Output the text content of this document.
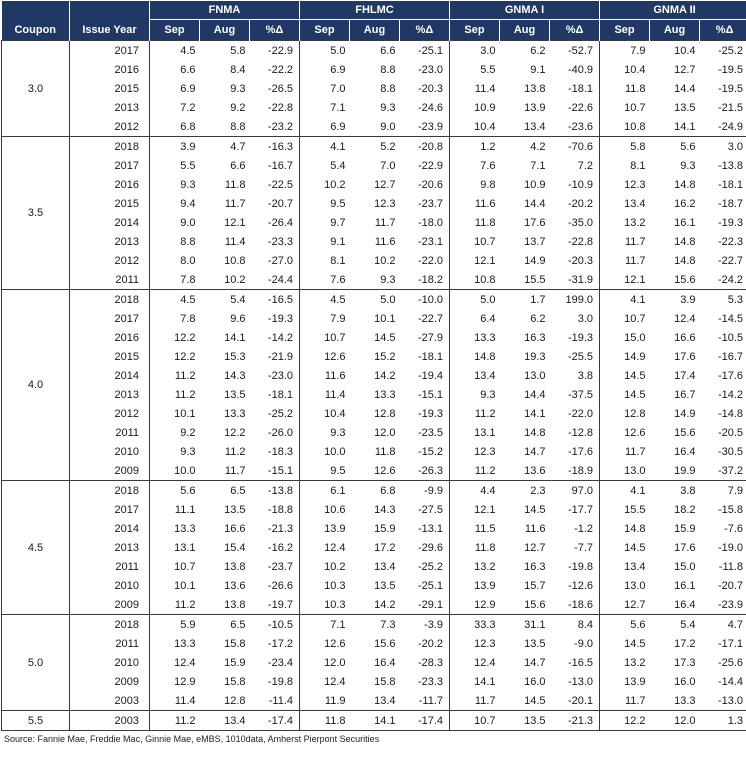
		FNMA			FHLMC			GNMA I			GNMA II		
Coupon	Issue Year	Sep	Aug	%Δ	Sep	Aug	%Δ	Sep	Aug	%Δ	Sep	Aug	%Δ
3.0	2017	4.5	5.8	-22.9	5.0	6.6	-25.1	3.0	6.2	-52.7	7.9	10.4	-25.2
	2016	6.6	8.4	-22.2	6.9	8.8	-23.0	5.5	9.1	-40.9	10.4	12.7	-19.5
	2015	6.9	9.3	-26.5	7.0	8.8	-20.3	11.4	13.8	-18.1	11.8	14.4	-19.5
	2013	7.2	9.2	-22.8	7.1	9.3	-24.6	10.9	13.9	-22.6	10.7	13.5	-21.5
	2012	6.8	8.8	-23.2	6.9	9.0	-23.9	10.4	13.4	-23.6	10.8	14.1	-24.9
3.5	2018	3.9	4.7	-16.3	4.1	5.2	-20.8	1.2	4.2	-70.6	5.8	5.6	3.0
	2017	5.5	6.6	-16.7	5.4	7.0	-22.9	7.6	7.1	7.2	8.1	9.3	-13.8
	2016	9.3	11.8	-22.5	10.2	12.7	-20.6	9.8	10.9	-10.9	12.3	14.8	-18.1
	2015	9.4	11.7	-20.7	9.5	12.3	-23.7	11.6	14.4	-20.2	13.4	16.2	-18.7
	2014	9.0	12.1	-26.4	9.7	11.7	-18.0	11.8	17.6	-35.0	13.2	16.1	-19.3
	2013	8.8	11.4	-23.3	9.1	11.6	-23.1	10.7	13.7	-22.8	11.7	14.8	-22.3
	2012	8.0	10.8	-27.0	8.1	10.2	-22.0	12.1	14.9	-20.3	11.7	14.8	-22.7
	2011	7.8	10.2	-24.4	7.6	9.3	-18.2	10.8	15.5	-31.9	12.1	15.6	-24.2
4.0	2018	4.5	5.4	-16.5	4.5	5.0	-10.0	5.0	1.7	199.0	4.1	3.9	5.3
	2017	7.8	9.6	-19.3	7.9	10.1	-22.7	6.4	6.2	3.0	10.7	12.4	-14.5
	2016	12.2	14.1	-14.2	10.7	14.5	-27.9	13.3	16.3	-19.3	15.0	16.6	-10.5
	2015	12.2	15.3	-21.9	12.6	15.2	-18.1	14.8	19.3	-25.5	14.9	17.6	-16.7
	2014	11.2	14.3	-23.0	11.6	14.2	-19.4	13.4	13.0	3.8	14.5	17.4	-17.6
	2013	11.2	13.5	-18.1	11.4	13.3	-15.1	9.3	14.4	-37.5	14.5	16.7	-14.2
	2012	10.1	13.3	-25.2	10.4	12.8	-19.3	11.2	14.1	-22.0	12.8	14.9	-14.8
	2011	9.2	12.2	-26.0	9.3	12.0	-23.5	13.1	14.8	-12.8	12.6	15.6	-20.5
	2010	9.3	11.2	-18.3	10.0	11.8	-15.2	12.3	14.7	-17.6	11.7	16.4	-30.5
	2009	10.0	11.7	-15.1	9.5	12.6	-26.3	11.2	13.6	-18.9	13.0	19.9	-37.2
4.5	2018	5.6	6.5	-13.8	6.1	6.8	-9.9	4.4	2.3	97.0	4.1	3.8	7.9
	2017	11.1	13.5	-18.8	10.6	14.3	-27.5	12.1	14.5	-17.7	15.5	18.2	-15.8
	2014	13.3	16.6	-21.3	13.9	15.9	-13.1	11.5	11.6	-1.2	14.8	15.9	-7.6
	2013	13.1	15.4	-16.2	12.4	17.2	-29.6	11.8	12.7	-7.7	14.5	17.6	-19.0
	2011	10.7	13.8	-23.7	10.2	13.4	-25.2	13.2	16.3	-19.8	13.4	15.0	-11.8
	2010	10.1	13.6	-26.6	10.3	13.5	-25.1	13.9	15.7	-12.6	13.0	16.1	-20.7
	2009	11.2	13.8	-19.7	10.3	14.2	-29.1	12.9	15.6	-18.6	12.7	16.4	-23.9
5.0	2018	5.9	6.5	-10.5	7.1	7.3	-3.9	33.3	31.1	8.4	5.6	5.4	4.7
	2011	13.3	15.8	-17.2	12.6	15.6	-20.2	12.3	13.5	-9.0	14.5	17.2	-17.1
	2010	12.4	15.9	-23.4	12.0	16.4	-28.3	12.4	14.7	-16.5	13.2	17.3	-25.6
	2009	12.9	15.8	-19.8	12.4	15.8	-23.3	14.1	16.0	-13.0	13.9	16.0	-14.4
	2003	11.4	12.8	-11.4	11.9	13.4	-11.7	11.7	14.5	-20.1	11.7	13.3	-13.0
5.5	2003	11.2	13.4	-17.4	11.8	14.1	-17.4	10.7	13.5	-21.3	12.2	12.0	1.3
Source: Fannie Mae, Freddie Mac, Ginnie Mae, eMBS, 1010data, Amherst Pierpont Securities
